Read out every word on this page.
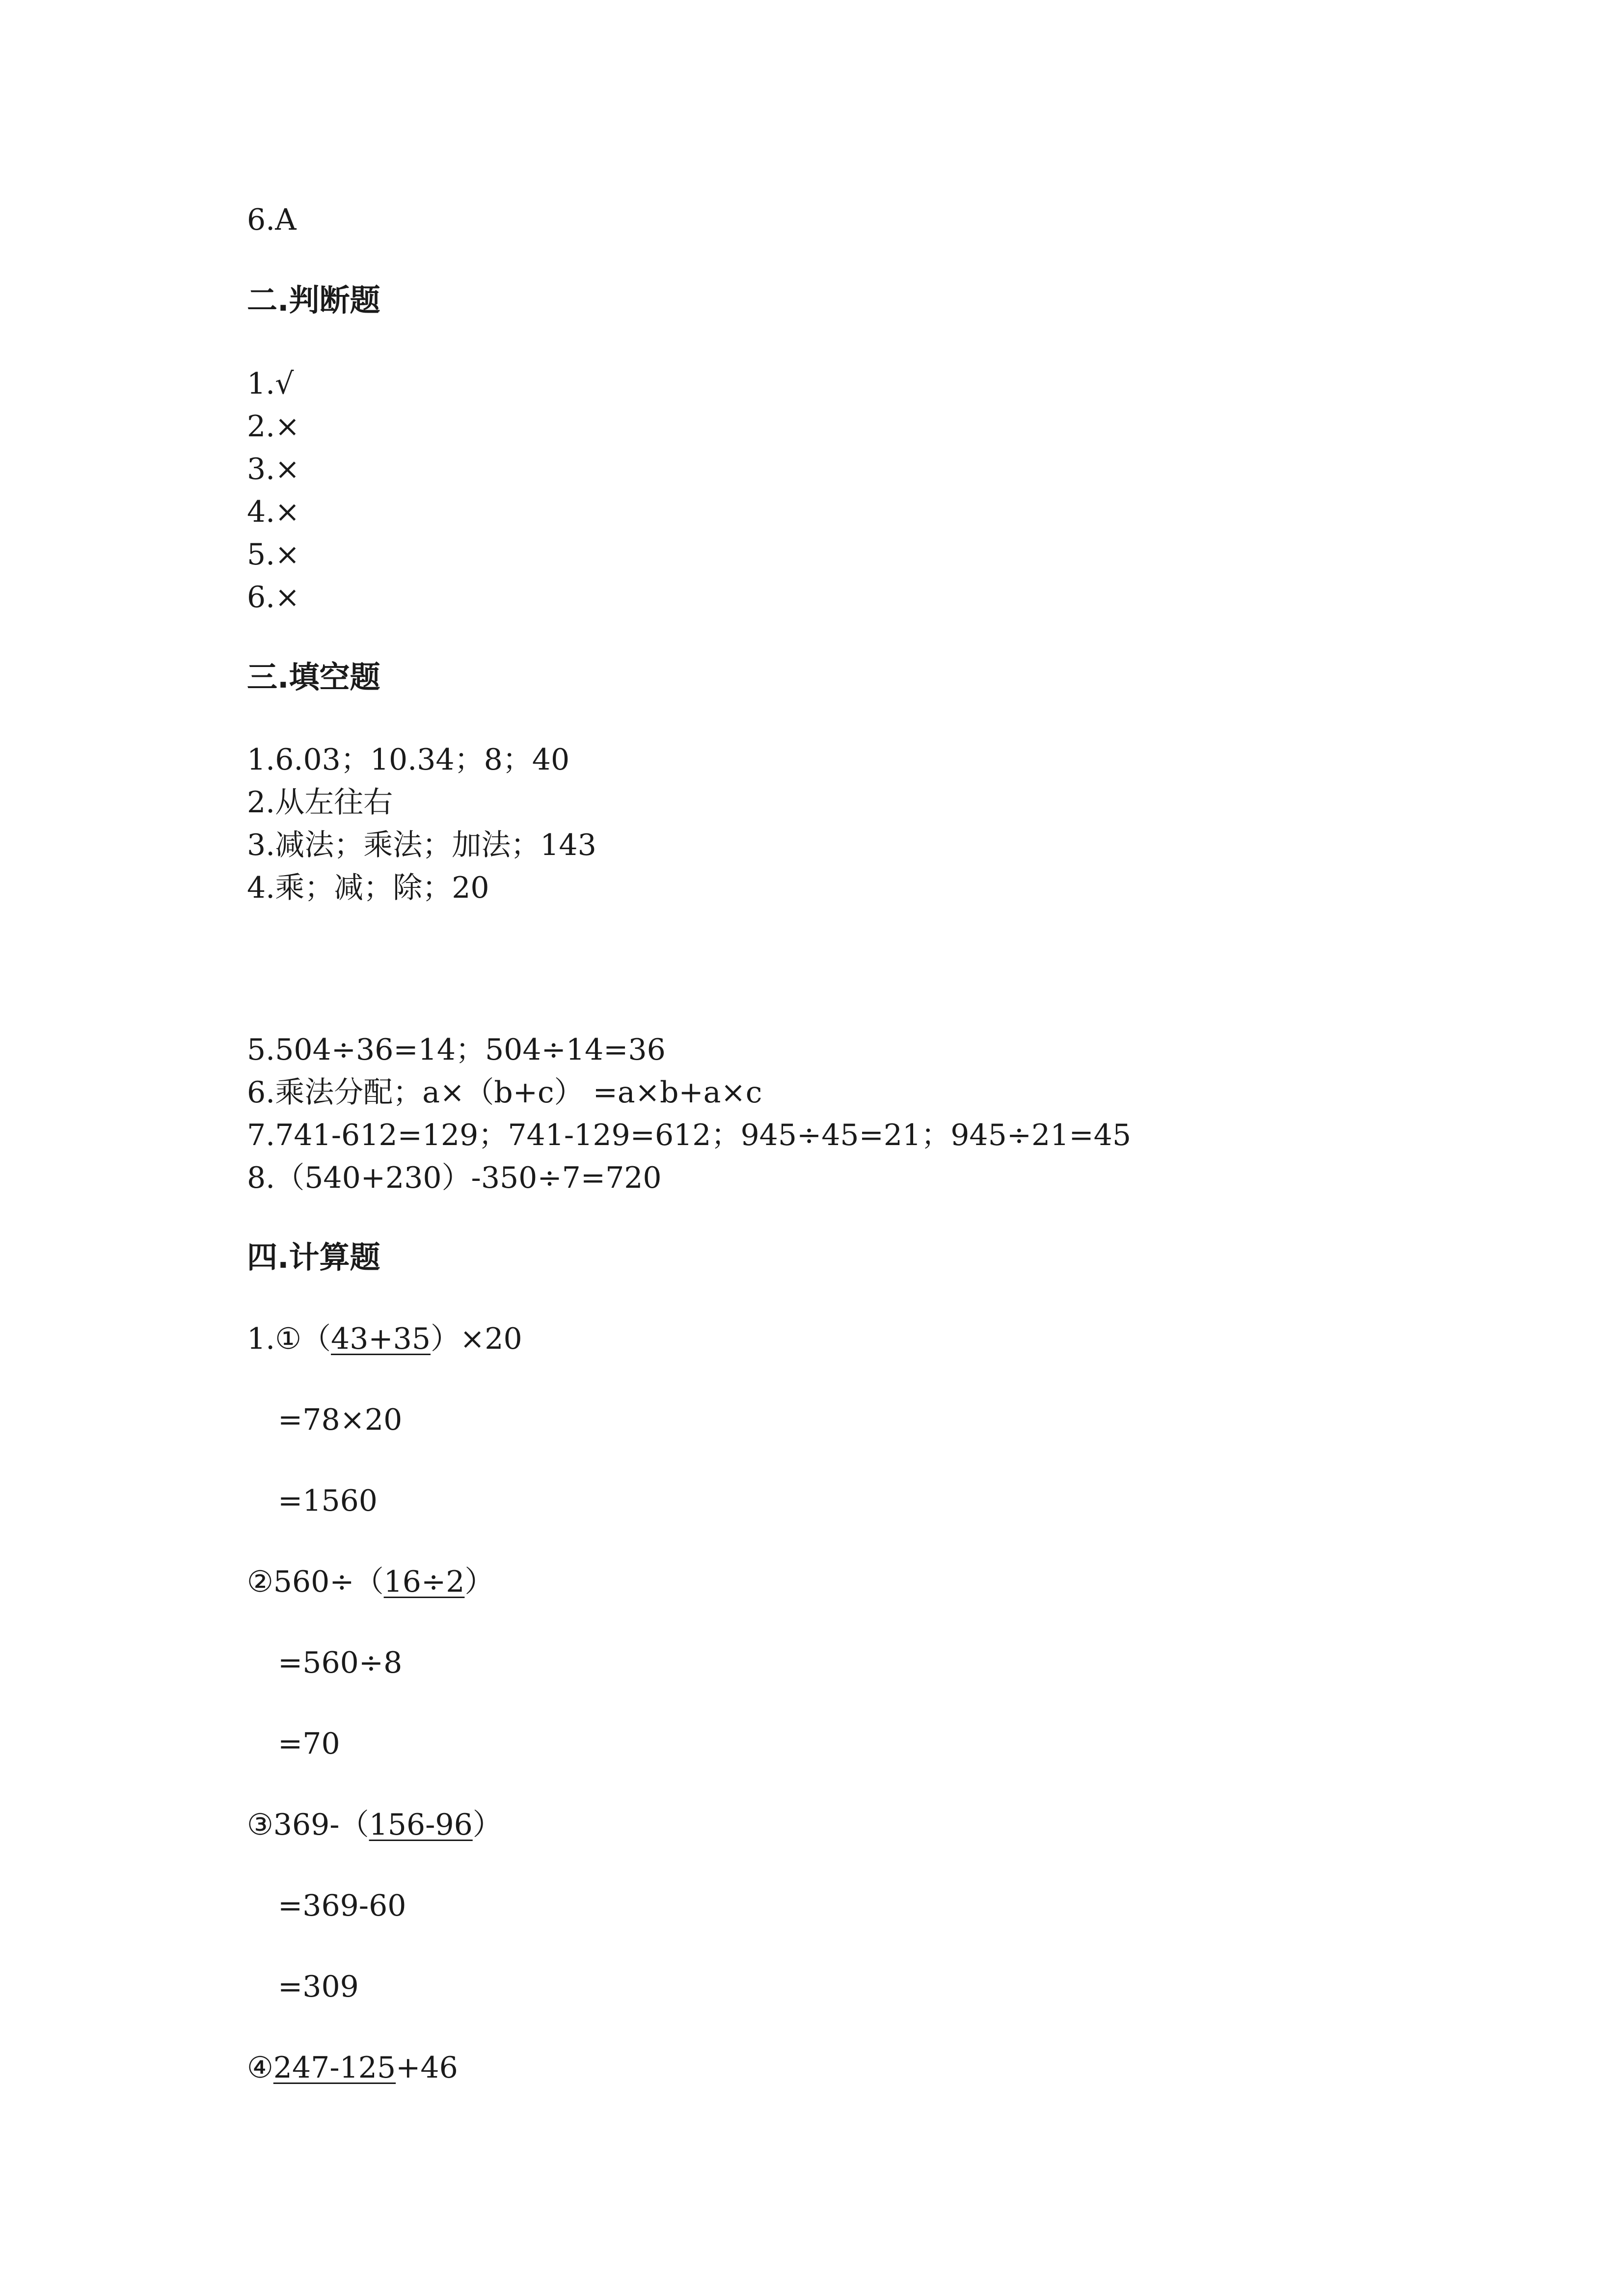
6.A
二.判断题
1.√
2.×
3.×
4.×
5.×
6.×
三.填空题
1.6.03；10.34；8；40
2.从左往右
3.减法；乘法；加法；143
4.乘；减；除；20
5.504÷36=14；504÷14=36
6.乘法分配；a×（b+c） =a×b+a×c
7.741-612=129；741-129=612；945÷45=21；945÷21=45
8.（540+230）-350÷7=720
四.计算题
1.①（43+35）×20
=78×20
=1560
②560÷（16÷2）
=560÷8
=70
③369-（156-96）
=369-60
=309
④247-125+46
